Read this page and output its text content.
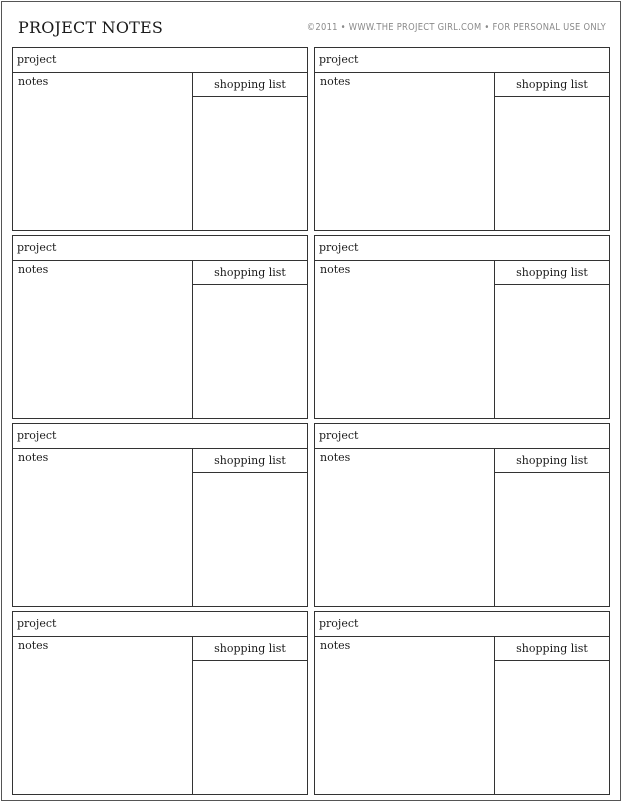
PROJECT NOTES	©2011 • WWW.THE PROJECT GIRL.COM • FOR PERSONAL USE ONLY
project
notes	shopping list
project
notes	shopping list
project
notes	shopping list
project
notes	shopping list
project
notes	shopping list
project
notes	shopping list
project
notes	shopping list
project
notes	shopping list
